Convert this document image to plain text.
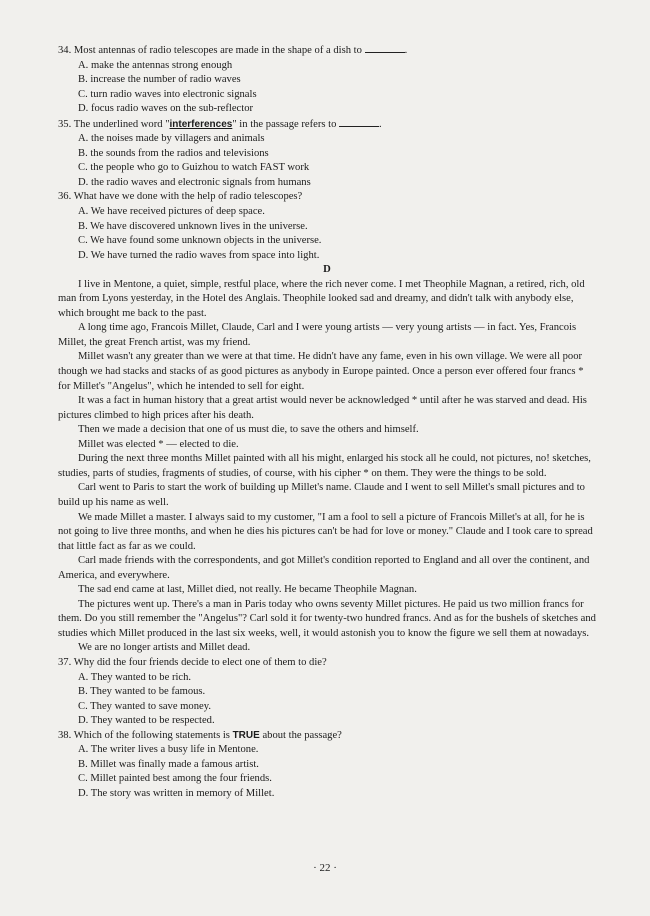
34. Most antennas of radio telescopes are made in the shape of a dish to	.
A. make the antennas strong enough
B. increase the number of radio waves
C. turn radio waves into electronic signals
D. focus radio waves on the sub-reflector
35. The underlined word "interferences" in the passage refers to	.
A. the noises made by villagers and animals
B. the sounds from the radios and televisions
C. the people who go to Guizhou to watch FAST work
D. the radio waves and electronic signals from humans
36. What have we done with the help of radio telescopes?
A. We have received pictures of deep space.
B. We have discovered unknown lives in the universe.
C. We have found some unknown objects in the universe.
D. We have turned the radio waves from space into light.
D
I live in Mentone, a quiet, simple, restful place, where the rich never come. I met Theophile Magnan, a retired, rich, old man from Lyons yesterday, in the Hotel des Anglais. Theophile looked sad and dreamy, and didn't talk with anybody else, which brought me back to the past.
A long time ago, Francois Millet, Claude, Carl and I were young artists — very young artists — in fact. Yes, Francois Millet, the great French artist, was my friend.
Millet wasn't any greater than we were at that time. He didn't have any fame, even in his own village. We were all poor though we had stacks and stacks of as good pictures as anybody in Europe painted. Once a person ever offered four francs * for Millet's "Angelus", which he intended to sell for eight.
It was a fact in human history that a great artist would never be acknowledged * until after he was starved and dead. His pictures climbed to high prices after his death.
Then we made a decision that one of us must die, to save the others and himself.
Millet was elected * — elected to die.
During the next three months Millet painted with all his might, enlarged his stock all he could, not pictures, no! sketches, studies, parts of studies, fragments of studies, of course, with his cipher * on them. They were the things to be sold.
Carl went to Paris to start the work of building up Millet's name. Claude and I went to sell Millet's small pictures and to build up his name as well.
We made Millet a master. I always said to my customer, "I am a fool to sell a picture of Francois Millet's at all, for he is not going to live three months, and when he dies his pictures can't be had for love or money." Claude and I took care to spread that little fact as far as we could.
Carl made friends with the correspondents, and got Millet's condition reported to England and all over the continent, and America, and everywhere.
The sad end came at last, Millet died, not really. He became Theophile Magnan.
The pictures went up. There's a man in Paris today who owns seventy Millet pictures. He paid us two million francs for them. Do you still remember the "Angelus"? Carl sold it for twenty-two hundred francs. And as for the bushels of sketches and studies which Millet produced in the last six weeks, well, it would astonish you to know the figure we sell them at nowadays.
We are no longer artists and Millet dead.
37. Why did the four friends decide to elect one of them to die?
A. They wanted to be rich.
B. They wanted to be famous.
C. They wanted to save money.
D. They wanted to be respected.
38. Which of the following statements is TRUE about the passage?
A. The writer lives a busy life in Mentone.
B. Millet was finally made a famous artist.
C. Millet painted best among the four friends.
D. The story was written in memory of Millet.
· 22 ·
